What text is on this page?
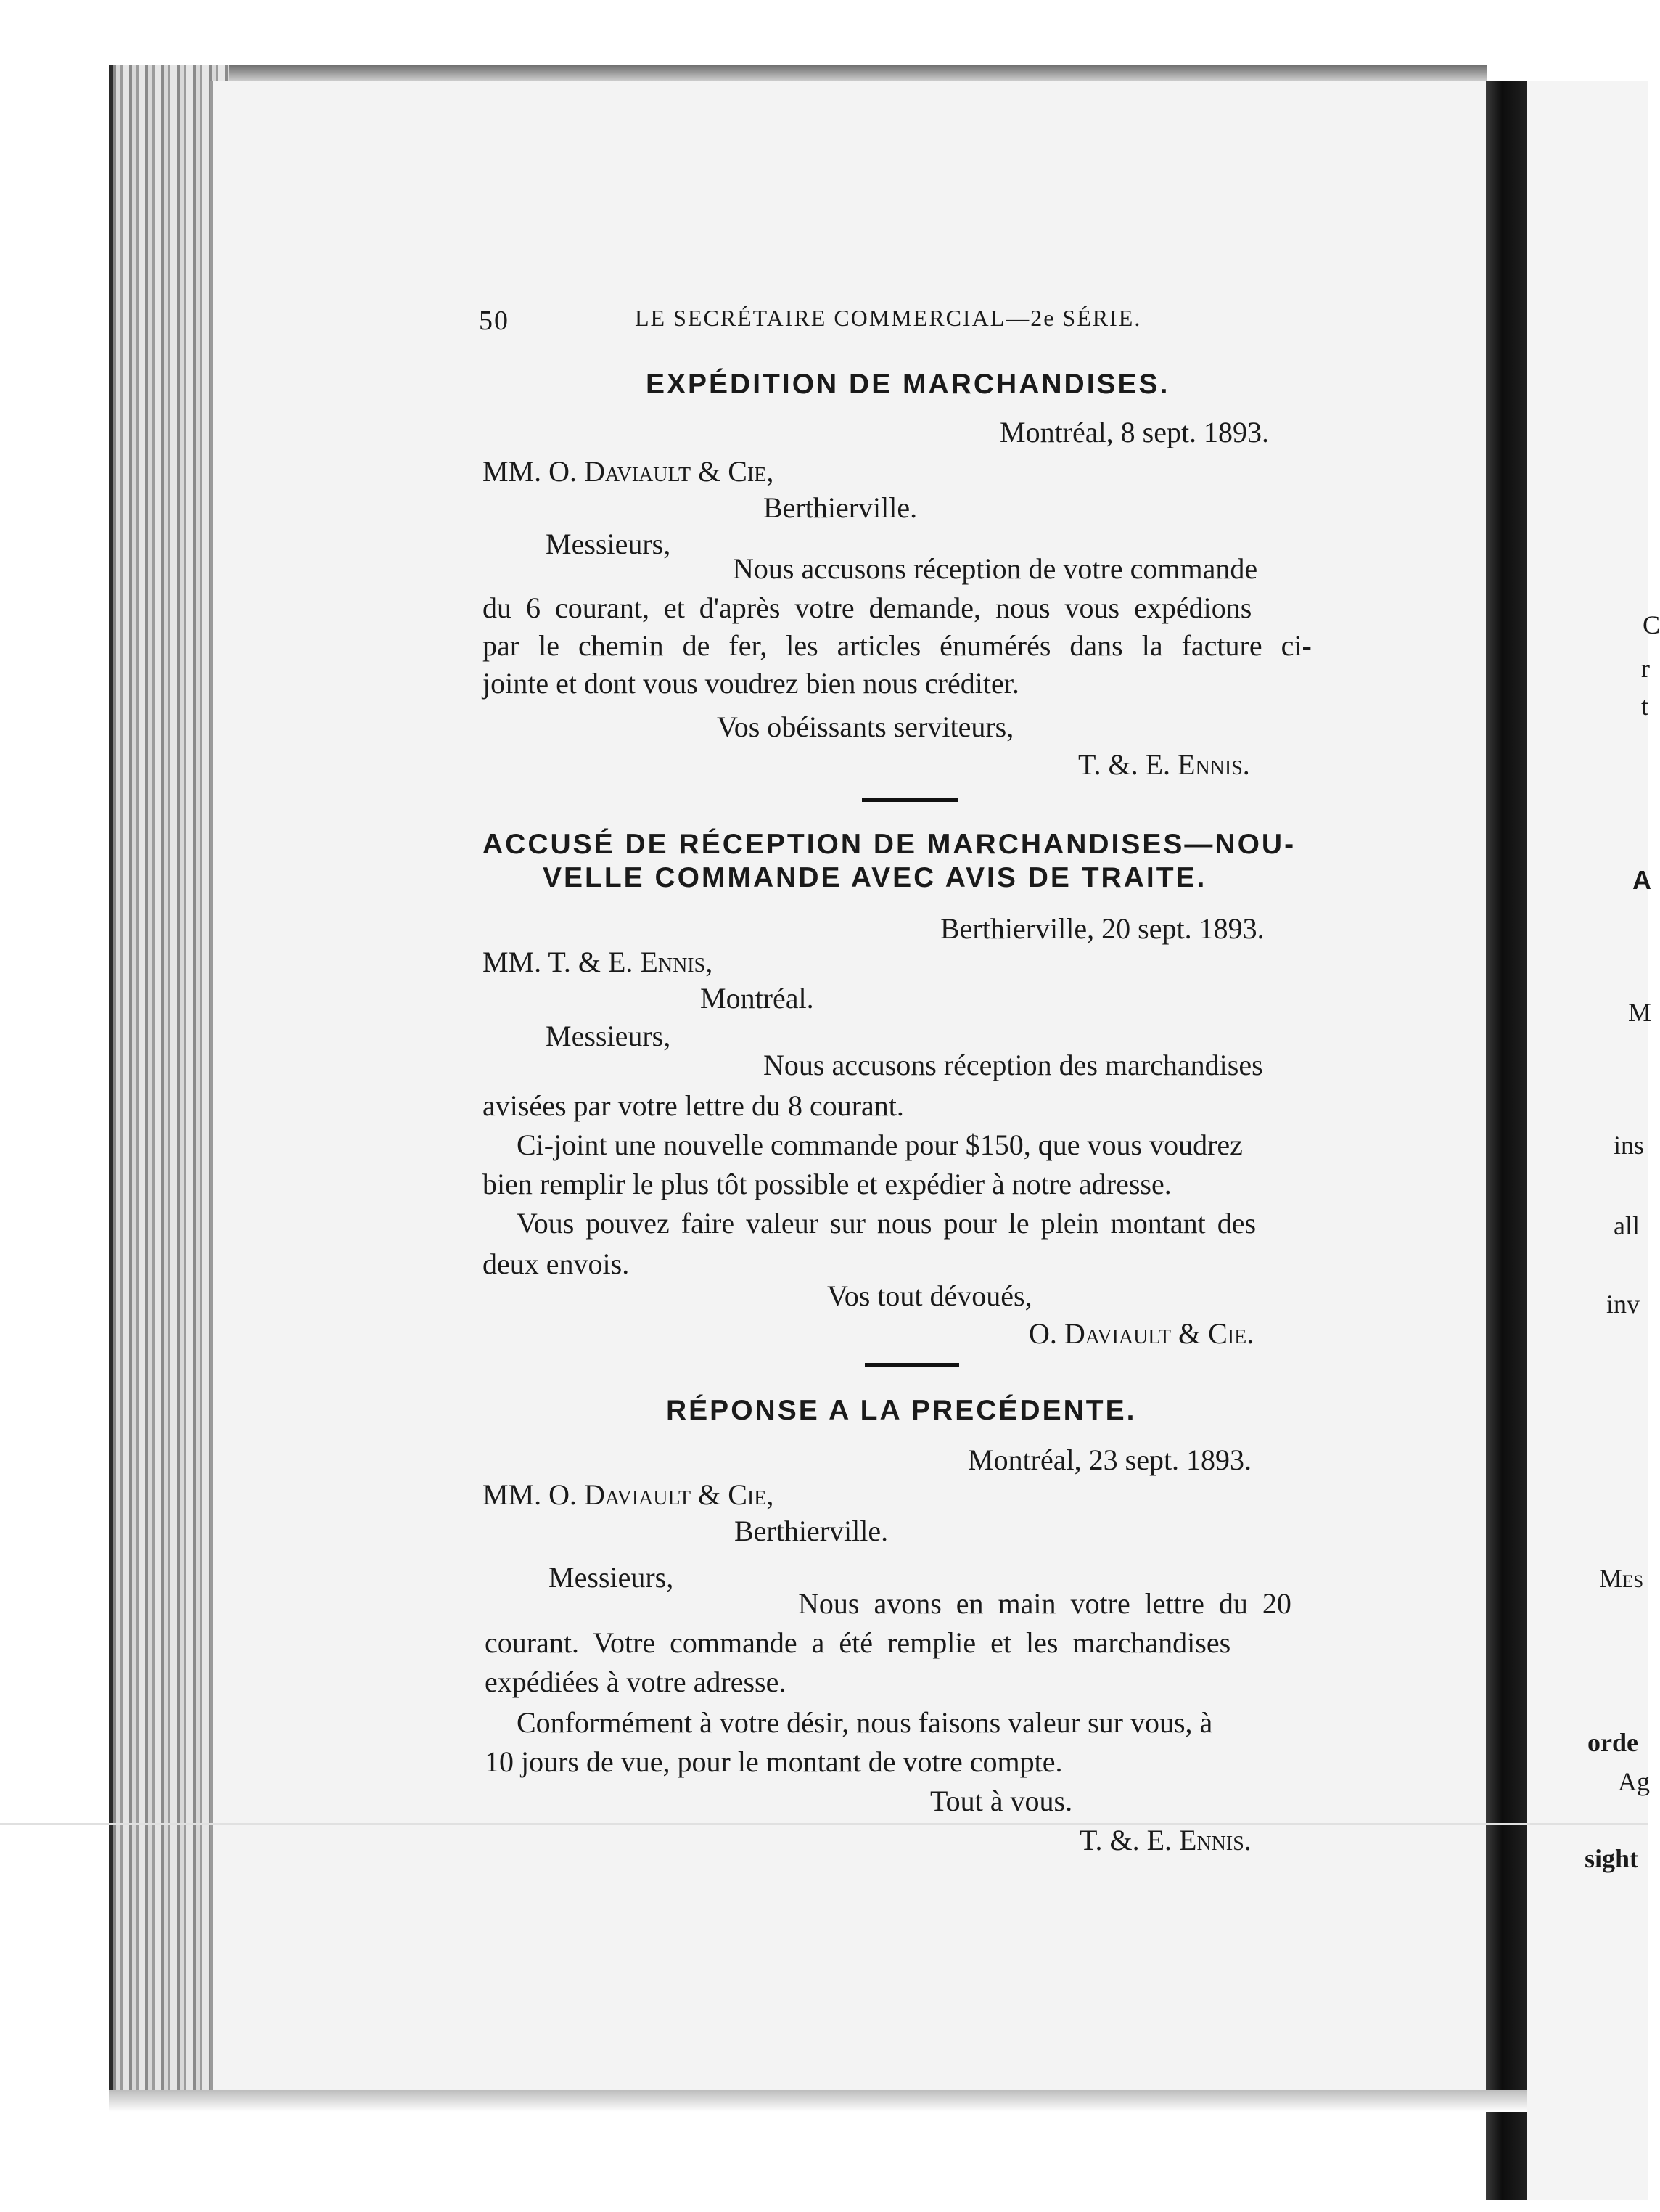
C
r
t
A
M
ins
all
inv
Mes
orde
Ag
sight
50	LE SECRÉTAIRE COMMERCIAL—2e SÉRIE.
EXPÉDITION DE MARCHANDISES.
Montréal, 8 sept. 1893.
MM. O. Daviault & Cie,
Berthierville.
Messieurs,
Nous accusons réception de votre commande
du 6 courant, et d'après votre demande, nous vous expédions
par le chemin de fer, les articles énumérés dans la facture ci-
jointe et dont vous voudrez bien nous créditer.
Vos obéissants serviteurs,
T. &. E. Ennis.
ACCUSÉ DE RÉCEPTION DE MARCHANDISES—NOU-
VELLE COMMANDE AVEC AVIS DE TRAITE.
Berthierville, 20 sept. 1893.
MM. T. & E. Ennis,
Montréal.
Messieurs,
Nous accusons réception des marchandises
avisées par votre lettre du 8 courant.
Ci-joint une nouvelle commande pour $150, que vous voudrez
bien remplir le plus tôt possible et expédier à notre adresse.
Vous pouvez faire valeur sur nous pour le plein montant des
deux envois.
Vos tout dévoués,
O. Daviault & Cie.
RÉPONSE A LA PRECÉDENTE.
Montréal, 23 sept. 1893.
MM. O. Daviault & Cie,
Berthierville.
Messieurs,
Nous avons en main votre lettre du 20
courant. Votre commande a été remplie et les marchandises
expédiées à votre adresse.
Conformément à votre désir, nous faisons valeur sur vous, à
10 jours de vue, pour le montant de votre compte.
Tout à vous.
T. &. E. Ennis.
